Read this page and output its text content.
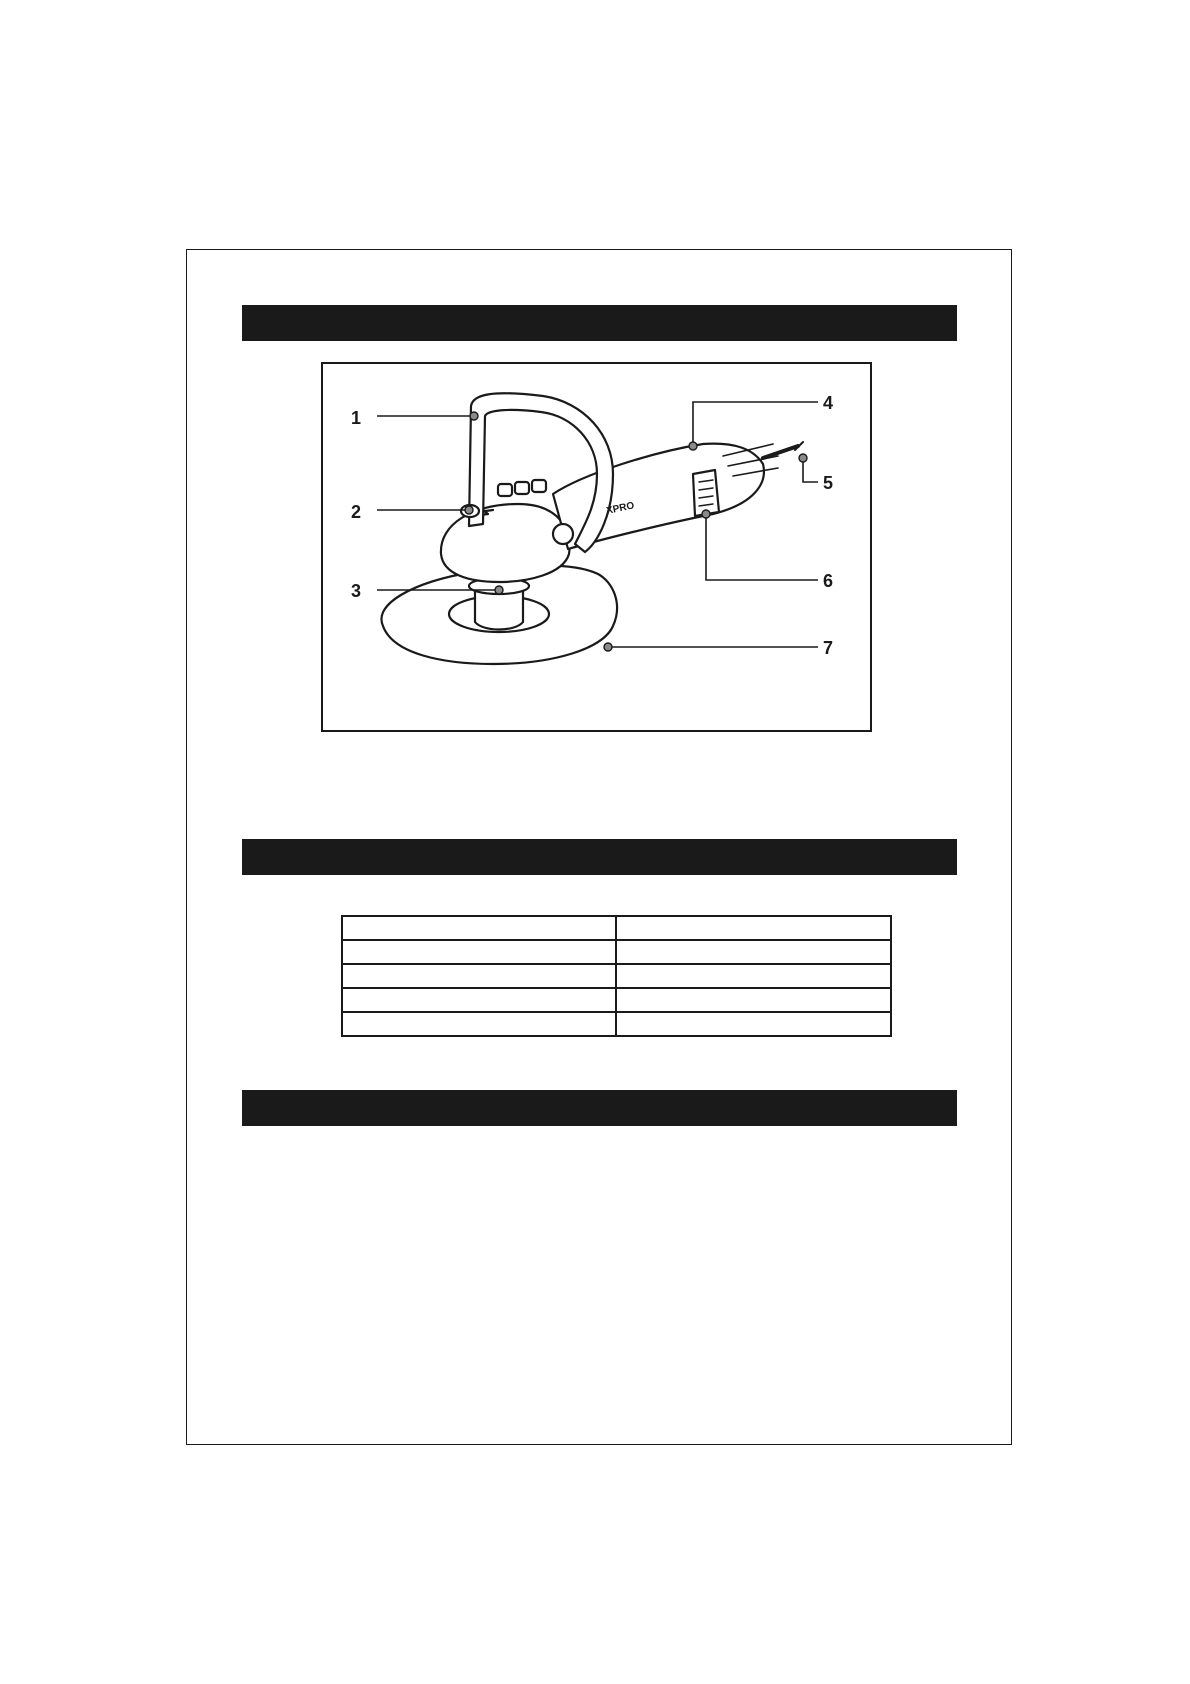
XPRO
1
2
3
4
5
6
7
